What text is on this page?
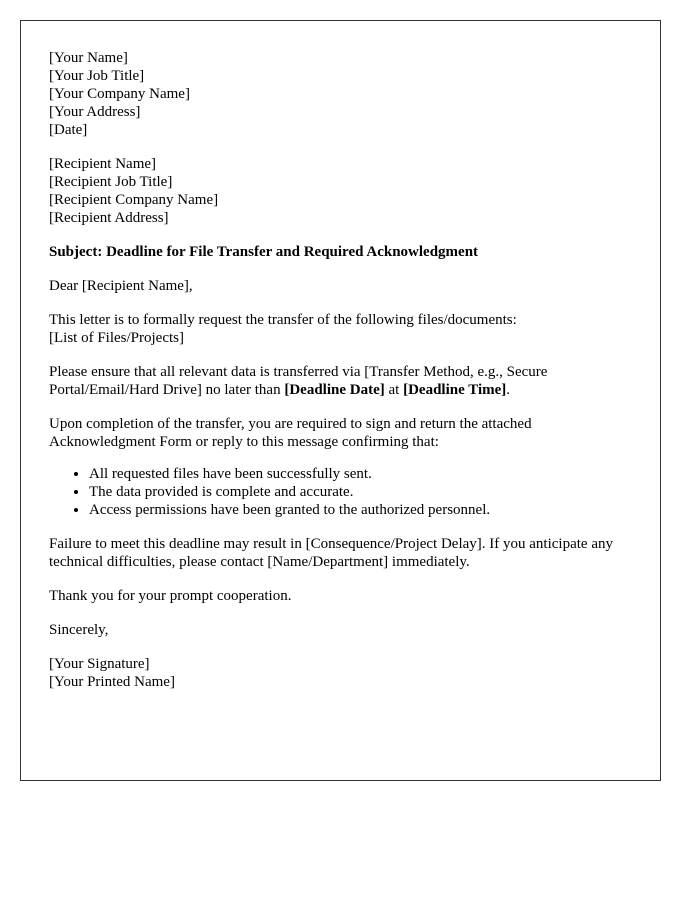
[Your Name]
[Your Job Title]
[Your Company Name]
[Your Address]
[Date]

[Recipient Name]
[Recipient Job Title]
[Recipient Company Name]
[Recipient Address]

Subject: Deadline for File Transfer and Required Acknowledgment

Dear [Recipient Name],

This letter is to formally request the transfer of the following files/documents:
[List of Files/Projects]

Please ensure that all relevant data is transferred via [Transfer Method, e.g., Secure Portal/Email/Hard Drive] no later than [Deadline Date] at [Deadline Time].

Upon completion of the transfer, you are required to sign and return the attached Acknowledgment Form or reply to this message confirming that:

• All requested files have been successfully sent.
• The data provided is complete and accurate.
• Access permissions have been granted to the authorized personnel.

Failure to meet this deadline may result in [Consequence/Project Delay]. If you anticipate any technical difficulties, please contact [Name/Department] immediately.

Thank you for your prompt cooperation.

Sincerely,

[Your Signature]
[Your Printed Name]
